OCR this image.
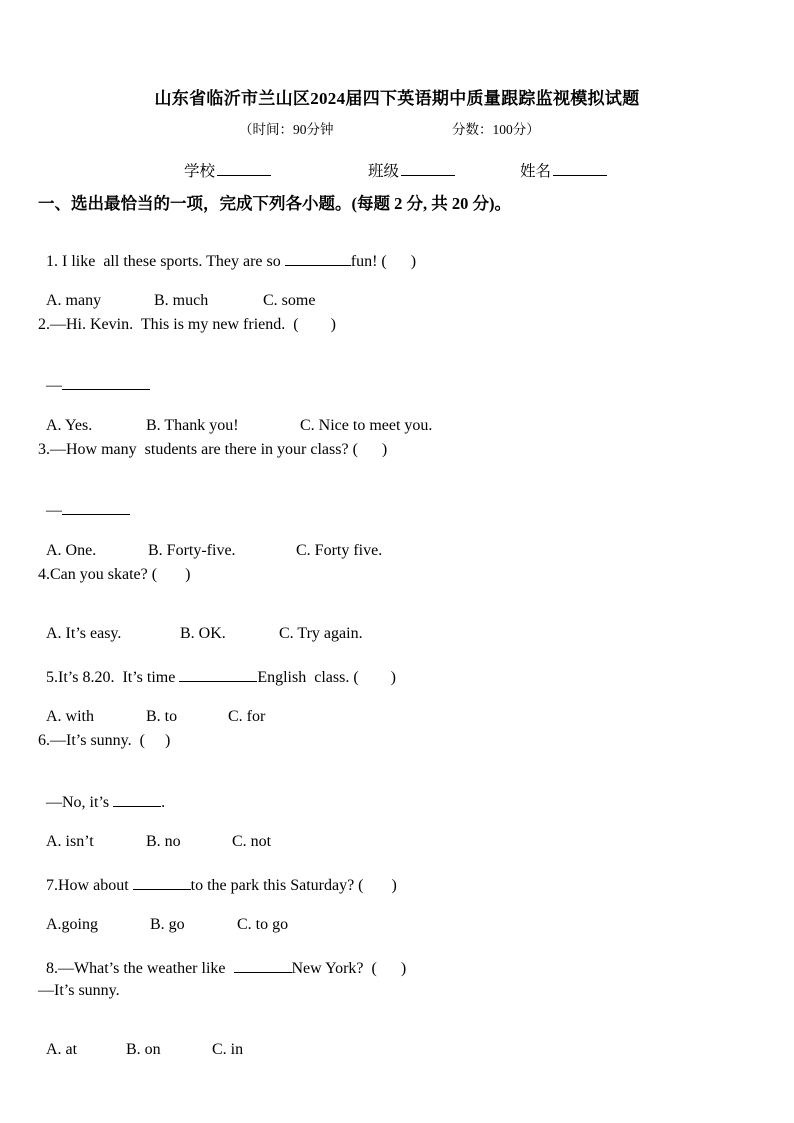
山东省临沂市兰山区2024届四下英语期中质量跟踪监视模拟试题
（时间：90分钟	分数：100分）
学校	班级	姓名
一、选出最恰当的一项，完成下列各小题。(每题 2 分, 共 20 分)。

1. I like  all these sports. They are so	fun! (      )

A. many	B. much	C. some

2.—Hi. Kevin.  This is my new friend.  (        )

—

A. Yes.	B. Thank you!	C. Nice to meet you.

3.—How many  students are there in your class? (      )

—

A. One.	B. Forty-five.	C. Forty five.

4.Can you skate? (       )

A. It’s easy.	B. OK.	C. Try again.

5.It’s 8.20.  It’s time	English  class. (        )

A. with	B. to	C. for

6.—It’s sunny.  (     )

—No, it’s	.

A. isn’t	B. no	C. not

7.How about	to the park this Saturday? (       )

A.going	B. go	C. to go

8.—What’s the weather like	New York?  (      )

—It’s sunny.

A. at	B. on	C. in
